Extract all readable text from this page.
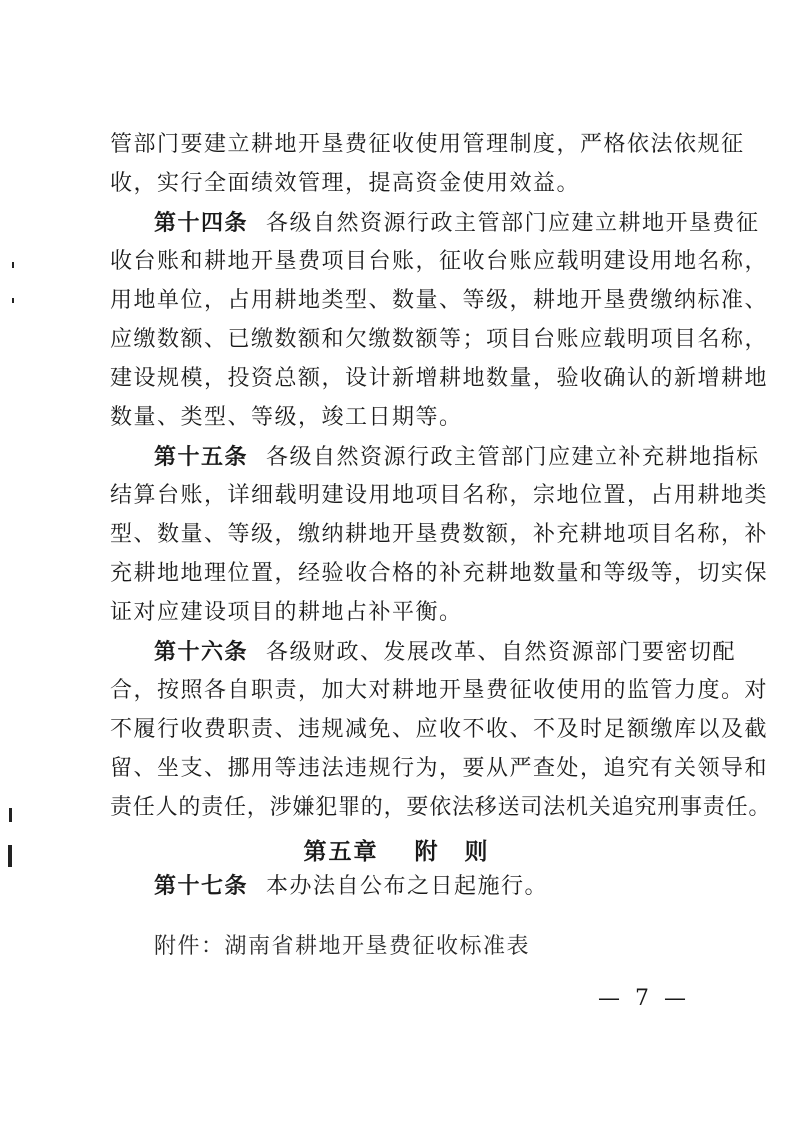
管部门要建立耕地开垦费征收使用管理制度，严格依法依规征
收，实行全面绩效管理，提高资金使用效益。
第十四条 各级自然资源行政主管部门应建立耕地开垦费征
收台账和耕地开垦费项目台账，征收台账应载明建设用地名称，
用地单位，占用耕地类型、数量、等级，耕地开垦费缴纳标准、
应缴数额、已缴数额和欠缴数额等；项目台账应载明项目名称，
建设规模，投资总额，设计新增耕地数量，验收确认的新增耕地
数量、类型、等级，竣工日期等。
第十五条 各级自然资源行政主管部门应建立补充耕地指标
结算台账，详细载明建设用地项目名称，宗地位置，占用耕地类
型、数量、等级，缴纳耕地开垦费数额，补充耕地项目名称，补
充耕地地理位置，经验收合格的补充耕地数量和等级等，切实保
证对应建设项目的耕地占补平衡。
第十六条 各级财政、发展改革、自然资源部门要密切配
合，按照各自职责，加大对耕地开垦费征收使用的监管力度。对
不履行收费职责、违规减免、应收不收、不及时足额缴库以及截
留、坐支、挪用等违法违规行为，要从严查处，追究有关领导和
责任人的责任，涉嫌犯罪的，要依法移送司法机关追究刑事责任。
第五章 附　则
第十七条 本办法自公布之日起施行。
附件：湖南省耕地开垦费征收标准表
— 7 —
